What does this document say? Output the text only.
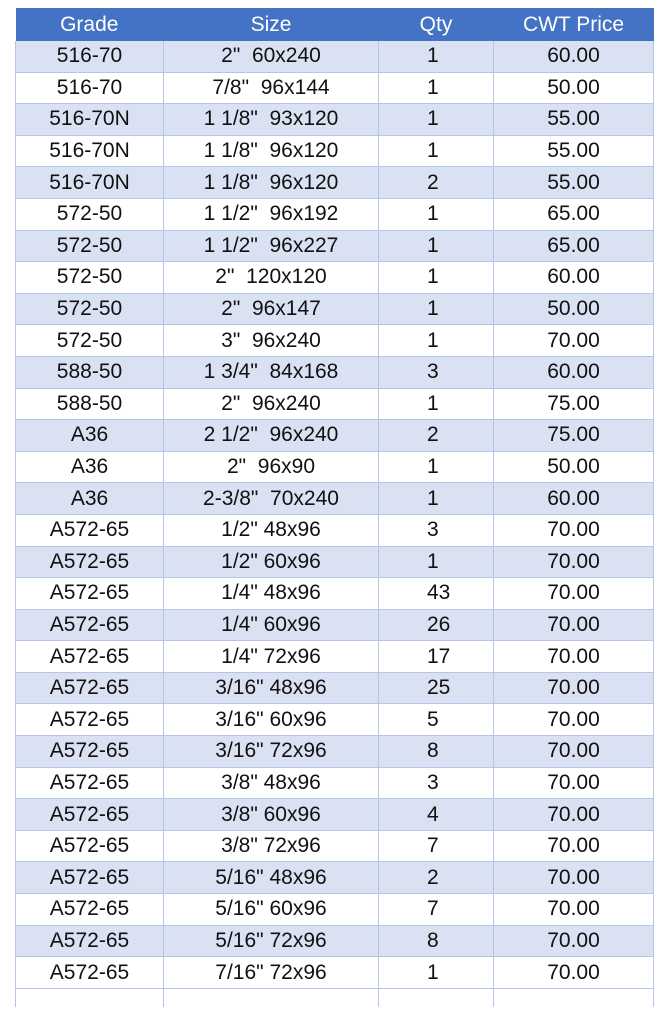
Grade	Size	Qty	CWT Price	
516-70	2"  60x240	1	60.00	
516-70	7/8"  96x144	1	50.00	
516-70N	1 1/8"  93x120	1	55.00	
516-70N	1 1/8"  96x120	1	55.00	
516-70N	1 1/8"  96x120	2	55.00	
572-50	1 1/2"  96x192	1	65.00	
572-50	1 1/2"  96x227	1	65.00	
572-50	2"  120x120	1	60.00	
572-50	2"  96x147	1	50.00	
572-50	3"  96x240	1	70.00	
588-50	1 3/4"  84x168	3	60.00	
588-50	2"  96x240	1	75.00	
A36	2 1/2"  96x240	2	75.00	
A36	2"  96x90	1	50.00	
A36	2-3/8"  70x240	1	60.00	
A572-65	1/2" 48x96	3	70.00	
A572-65	1/2" 60x96	1	70.00	
A572-65	1/4" 48x96	43	70.00	
A572-65	1/4" 60x96	26	70.00	
A572-65	1/4" 72x96	17	70.00	
A572-65	3/16" 48x96	25	70.00	
A572-65	3/16" 60x96	5	70.00	
A572-65	3/16" 72x96	8	70.00	
A572-65	3/8" 48x96	3	70.00	
A572-65	3/8" 60x96	4	70.00	
A572-65	3/8" 72x96	7	70.00	
A572-65	5/16" 48x96	2	70.00	
A572-65	5/16" 60x96	7	70.00	
A572-65	5/16" 72x96	8	70.00	
A572-65	7/16" 72x96	1	70.00	
